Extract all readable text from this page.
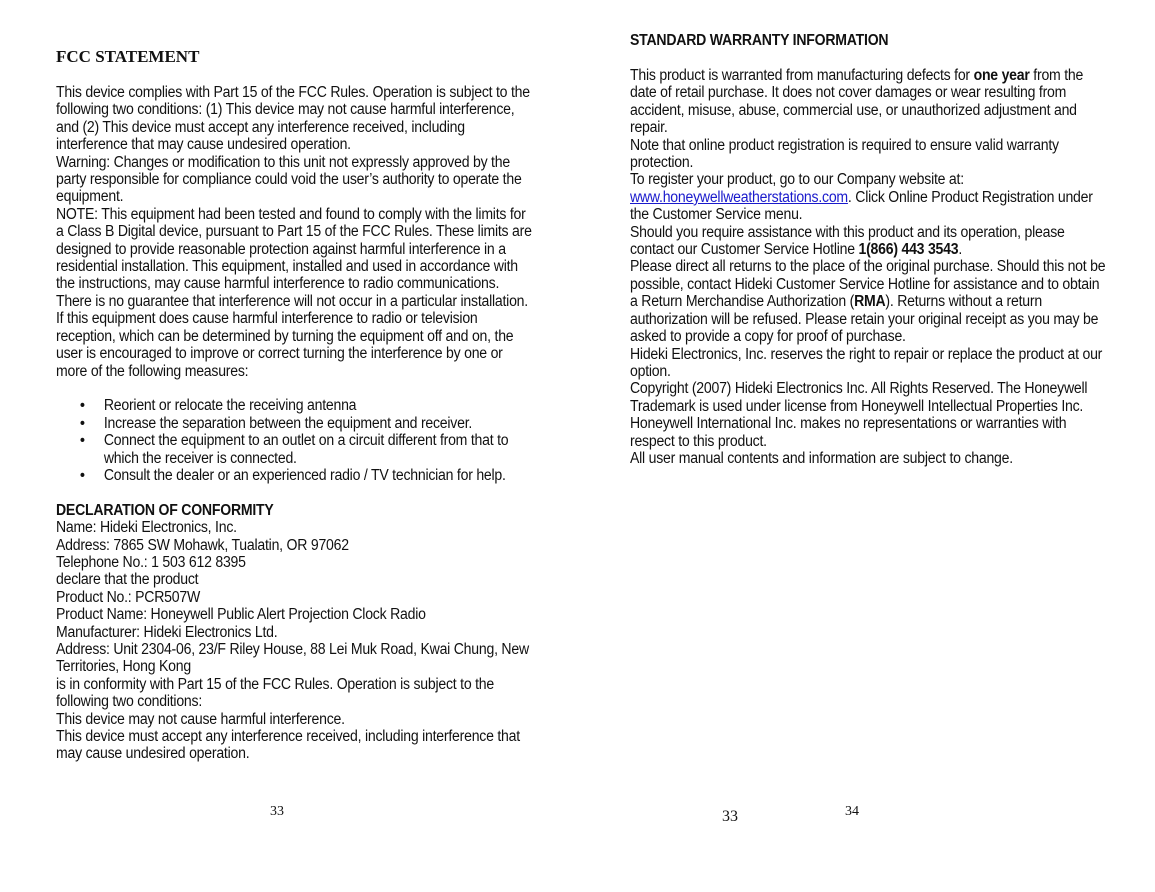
FCC STATEMENT

This device complies with Part 15 of the FCC Rules. Operation is subject to the following two conditions: (1) This device may not cause harmful interference, and (2) This device must accept any interference received, including interference that may cause undesired operation.

Warning: Changes or modification to this unit not expressly approved by the party responsible for compliance could void the user’s authority to operate the equipment.

NOTE: This equipment had been tested and found to comply with the limits for a Class B Digital device, pursuant to Part 15 of the FCC Rules. These limits are designed to provide reasonable protection against harmful interference in a residential installation. This equipment, installed and used in accordance with the instructions, may cause harmful interference to radio communications.

There is no guarantee that interference will not occur in a particular installation. If this equipment does cause harmful interference to radio or television reception, which can be determined by turning the equipment off and on, the user is encouraged to improve or correct turning the interference by one or more of the following measures:

• Reorient or relocate the receiving antenna
• Increase the separation between the equipment and receiver.
• Connect the equipment to an outlet on a circuit different from that to which the receiver is connected.
• Consult the dealer or an experienced radio / TV technician for help.

DECLARATION OF CONFORMITY

Name: Hideki Electronics, Inc.

Address: 7865 SW Mohawk, Tualatin, OR 97062

Telephone No.: 1 503 612 8395

declare that the product

Product No.: PCR507W

Product Name: Honeywell Public Alert Projection Clock Radio

Manufacturer: Hideki Electronics Ltd.

Address: Unit 2304-06, 23/F Riley House, 88 Lei Muk Road, Kwai Chung, New Territories, Hong Kong

is in conformity with Part 15 of the FCC Rules. Operation is subject to the following two conditions:

This device may not cause harmful interference.

This device must accept any interference received, including interference that may cause undesired operation.

33

STANDARD WARRANTY INFORMATION

This product is warranted from manufacturing defects for one year from the date of retail purchase. It does not cover damages or wear resulting from accident, misuse, abuse, commercial use, or unauthorized adjustment and repair.

Note that online product registration is required to ensure valid warranty protection.

To register your product, go to our Company website at:

www.honeywellweatherstations.com. Click Online Product Registration under the Customer Service menu.

Should you require assistance with this product and its operation, please contact our Customer Service Hotline 1(866) 443 3543.

Please direct all returns to the place of the original purchase. Should this not be possible, contact Hideki Customer Service Hotline for assistance and to obtain a Return Merchandise Authorization (RMA). Returns without a return authorization will be refused. Please retain your original receipt as you may be asked to provide a copy for proof of purchase.

Hideki Electronics, Inc. reserves the right to repair or replace the product at our option.

Copyright (2007) Hideki Electronics Inc. All Rights Reserved. The Honeywell Trademark is used under license from Honeywell Intellectual Properties Inc.

Honeywell International Inc. makes no representations or warranties with respect to this product.

All user manual contents and information are subject to change.

33	34
